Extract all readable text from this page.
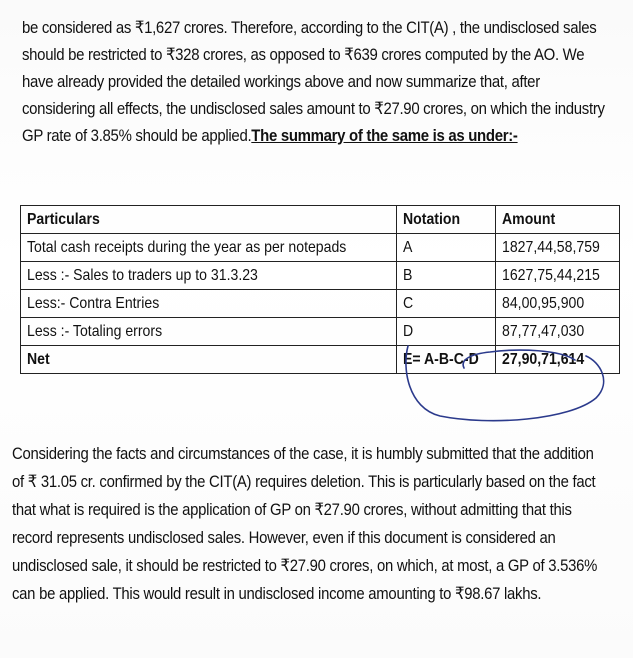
be considered as ₹1,627 crores. Therefore, according to the CIT(A) , the undisclosed sales should be restricted to ₹328 crores, as opposed to ₹639 crores computed by the AO. We have already provided the detailed workings above and now summarize that, after considering all effects, the undisclosed sales amount to ₹27.90 crores, on which the industry GP rate of 3.85% should be applied.The summary of the same is as under:-
Particulars	Notation	Amount
Total cash receipts during the year as per notepads	A	1827,44,58,759
Less :- Sales to traders up to 31.3.23	B	1627,75,44,215
Less:- Contra Entries	C	84,00,95,900
Less :- Totaling errors	D	87,77,47,030
Net	E= A-B-C-D	27,90,71,614
Considering the facts and circumstances of the case, it is humbly submitted that the addition of ₹ 31.05 cr. confirmed by the CIT(A) requires deletion. This is particularly based on the fact that what is required is the application of GP on ₹27.90 crores, without admitting that this record represents undisclosed sales. However, even if this document is considered an undisclosed sale, it should be restricted to ₹27.90 crores, on which, at most, a GP of 3.536% can be applied. This would result in undisclosed income amounting to ₹98.67 lakhs.
